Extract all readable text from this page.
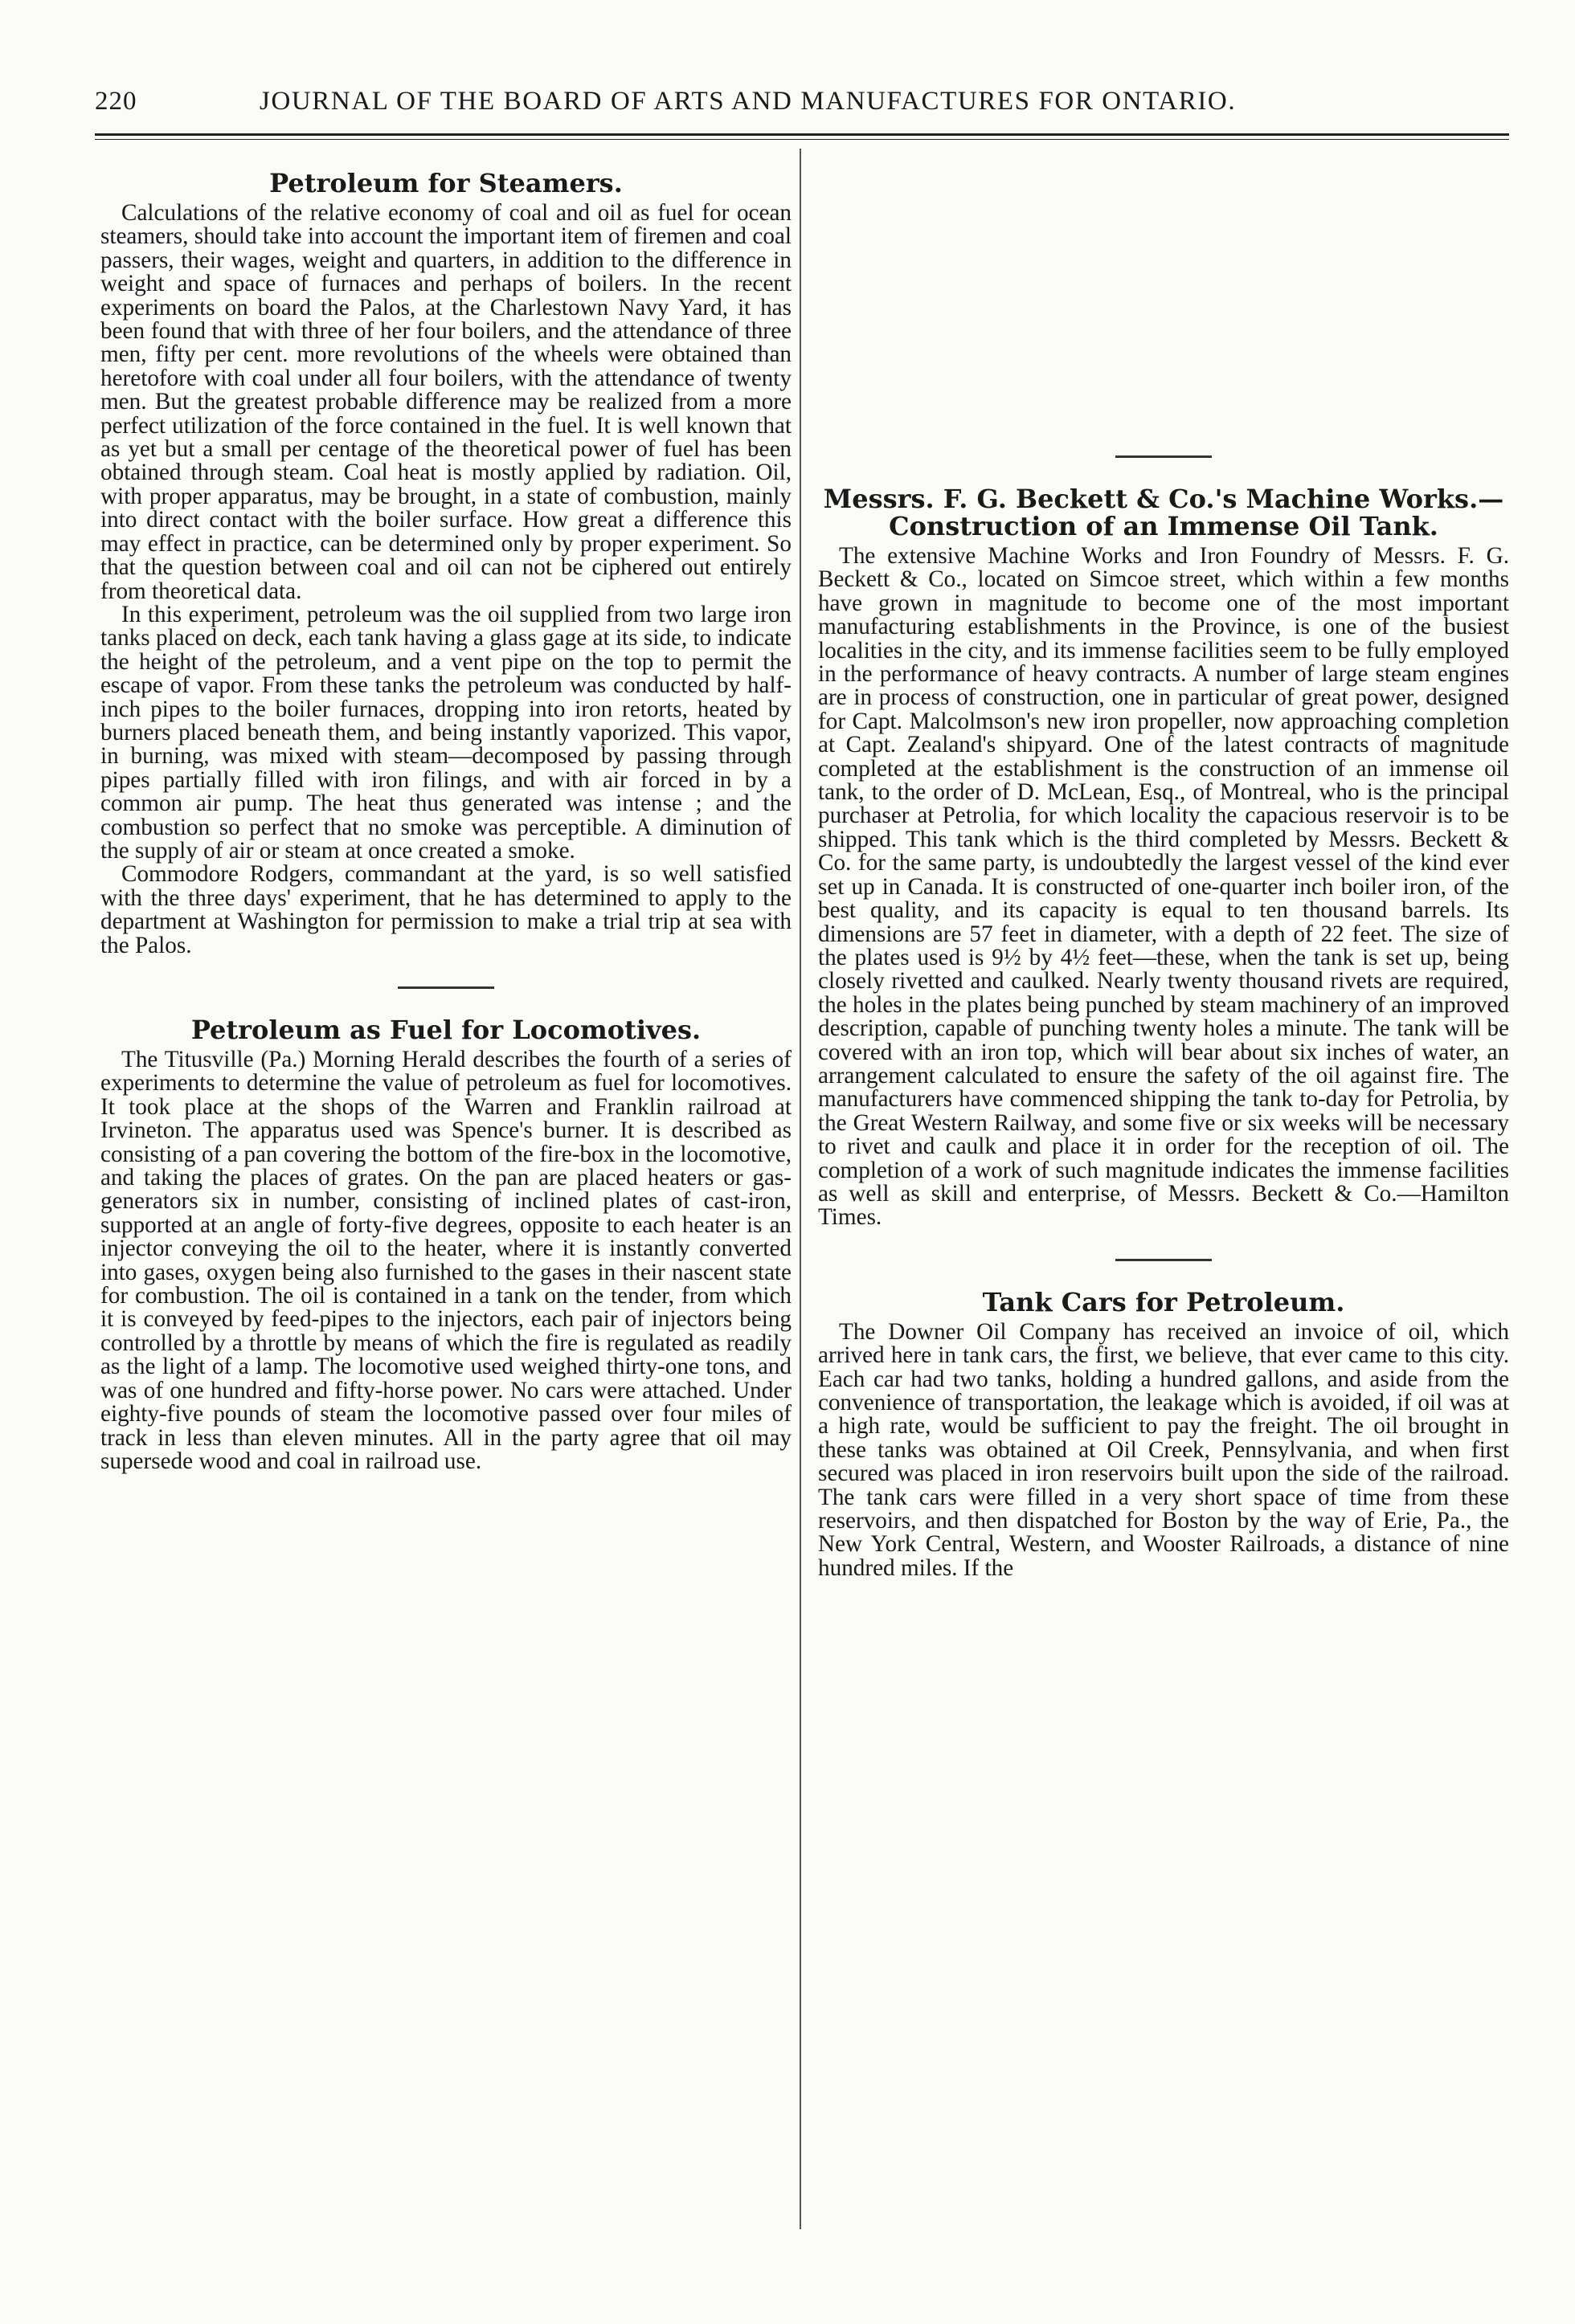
220	JOURNAL OF THE BOARD OF ARTS AND MANUFACTURES FOR ONTARIO.
Petroleum for Steamers.

Calculations of the relative economy of coal and oil as fuel for ocean steamers, should take into account the important item of firemen and coal passers, their wages, weight and quarters, in addition to the difference in weight and space of furnaces and perhaps of boilers. In the recent experiments on board the Palos, at the Charlestown Navy Yard, it has been found that with three of her four boilers, and the attendance of three men, fifty per cent. more revolutions of the wheels were obtained than heretofore with coal under all four boilers, with the attendance of twenty men. But the greatest probable difference may be realized from a more perfect utilization of the force contained in the fuel. It is well known that as yet but a small per centage of the theoretical power of fuel has been obtained through steam. Coal heat is mostly applied by radiation. Oil, with proper apparatus, may be brought, in a state of combustion, mainly into direct contact with the boiler surface. How great a difference this may effect in practice, can be determined only by proper experiment. So that the question between coal and oil can not be ciphered out entirely from theoretical data.

In this experiment, petroleum was the oil supplied from two large iron tanks placed on deck, each tank having a glass gage at its side, to indicate the height of the petroleum, and a vent pipe on the top to permit the escape of vapor. From these tanks the petroleum was conducted by half-inch pipes to the boiler furnaces, dropping into iron retorts, heated by burners placed beneath them, and being instantly vaporized. This vapor, in burning, was mixed with steam—decomposed by passing through pipes partially filled with iron filings, and with air forced in by a common air pump. The heat thus generated was intense ; and the combustion so perfect that no smoke was perceptible. A diminution of the supply of air or steam at once created a smoke.

Commodore Rodgers, commandant at the yard, is so well satisfied with the three days' experiment, that he has determined to apply to the department at Washington for permission to make a trial trip at sea with the Palos.

Petroleum as Fuel for Locomotives.

The Titusville (Pa.) Morning Herald describes the fourth of a series of experiments to determine the value of petroleum as fuel for locomotives. It took place at the shops of the Warren and Franklin railroad at Irvineton. The apparatus used was Spence's burner. It is described as consisting of a pan covering the bottom of the fire-box in the locomotive, and taking the places of grates. On the pan are placed heaters or gas-generators six in number, consisting of inclined plates of cast-iron, supported at an angle of forty-five degrees, opposite to each heater is an injector conveying the oil to the heater, where it is instantly converted into gases, oxygen being also furnished to the gases in their nascent state for combustion. The oil is contained in a tank on the tender, from which it is conveyed by feed-pipes to the injectors, each pair of injectors being controlled by a throttle by means of which the fire is regulated as readily as the light of a lamp. The locomotive used weighed thirty-one tons, and was of one hundred and fifty-horse power. No cars were attached. Under eighty-five pounds of steam the locomotive passed over four miles of track in less than eleven minutes. All in the party agree that oil may supersede wood and coal in railroad use.

Messrs. F. G. Beckett & Co.'s Machine Works.—Construction of an Immense Oil Tank.

The extensive Machine Works and Iron Foundry of Messrs. F. G. Beckett & Co., located on Simcoe street, which within a few months have grown in magnitude to become one of the most important manufacturing establishments in the Province, is one of the busiest localities in the city, and its immense facilities seem to be fully employed in the performance of heavy contracts. A number of large steam engines are in process of construction, one in particular of great power, designed for Capt. Malcolmson's new iron propeller, now approaching completion at Capt. Zealand's shipyard. One of the latest contracts of magnitude completed at the establishment is the construction of an immense oil tank, to the order of D. McLean, Esq., of Montreal, who is the principal purchaser at Petrolia, for which locality the capacious reservoir is to be shipped. This tank which is the third completed by Messrs. Beckett & Co. for the same party, is undoubtedly the largest vessel of the kind ever set up in Canada. It is constructed of one-quarter inch boiler iron, of the best quality, and its capacity is equal to ten thousand barrels. Its dimensions are 57 feet in diameter, with a depth of 22 feet. The size of the plates used is 9½ by 4½ feet—these, when the tank is set up, being closely rivetted and caulked. Nearly twenty thousand rivets are required, the holes in the plates being punched by steam machinery of an improved description, capable of punching twenty holes a minute. The tank will be covered with an iron top, which will bear about six inches of water, an arrangement calculated to ensure the safety of the oil against fire. The manufacturers have commenced shipping the tank to-day for Petrolia, by the Great Western Railway, and some five or six weeks will be necessary to rivet and caulk and place it in order for the reception of oil. The completion of a work of such magnitude indicates the immense facilities as well as skill and enterprise, of Messrs. Beckett & Co.—Hamilton Times.

Tank Cars for Petroleum.

The Downer Oil Company has received an invoice of oil, which arrived here in tank cars, the first, we believe, that ever came to this city. Each car had two tanks, holding a hundred gallons, and aside from the convenience of transportation, the leakage which is avoided, if oil was at a high rate, would be sufficient to pay the freight. The oil brought in these tanks was obtained at Oil Creek, Pennsylvania, and when first secured was placed in iron reservoirs built upon the side of the railroad. The tank cars were filled in a very short space of time from these reservoirs, and then dispatched for Boston by the way of Erie, Pa., the New York Central, Western, and Wooster Railroads, a distance of nine hundred miles. If the
